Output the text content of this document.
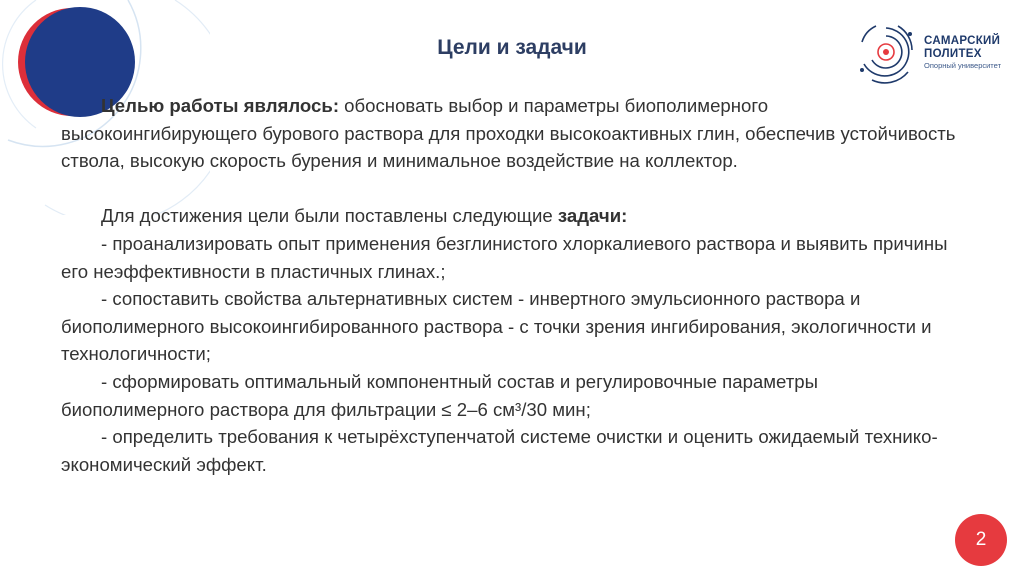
Цели и задачи	САМАРСКИЙ
ПОЛИТЕХ
Опорный университет

Целью работы являлось: обосновать выбор и параметры биополимерного высокоингибирующего бурового раствора для проходки высокоактивных глин, обеспечив устойчивость ствола, высокую скорость бурения и минимальное воздействие на коллектор.

Для достижения цели были поставлены следующие задачи:

- проанализировать опыт применения безглинистого хлоркалиевого раствора и выявить причины его неэффективности в пластичных глинах.;

- сопоставить свойства альтернативных систем - инвертного эмульсионного раствора и биополимерного высокоингибированного раствора - с точки зрения ингибирования, экологичности и технологичности;

- сформировать оптимальный компонентный состав и регулировочные параметры биополимерного раствора для фильтрации ≤ 2–6 см³/30 мин;

- определить требования к четырёхступенчатой системе очистки и оценить ожидаемый технико-экономический эффект.

2
